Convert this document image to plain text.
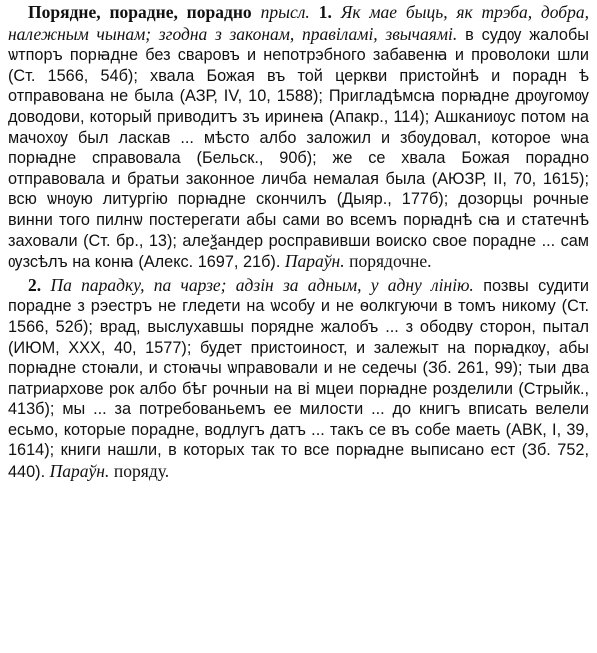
Порядне, порадне, порадно прысл. 1. Як мае быць, як трэба, добра, належным чынам; згодна з законам, правіламі, звычаямі. в судѹ жалобы ѡтпоръ порꙗдне без сваровъ и непотрэбного забавенꙗ и проволоки шли (Ст. 1566, 54б); хвала Божая въ той церкви пристойнѣ и порадн ѣ отправована не была (АЗР, IV, 10, 1588); Пригладѣмсꙗ порꙗдне дрѹгомѹ доводови, который приводитъ зъ иринеꙗ (Апакр., 114); Ашканиѹс потом на мачохѹ был ласкав ... мѣсто албо заложил и збѹдовал, которое ѡна порꙗдне справовала (Бельск., 90б); же се хвала Божая порадно отправовала и братьи законное личба немалая была (АЮЗР, II, 70, 1615); всю ѡнѹю литургію порꙗдне скончилъ (Дыяр., 177б); дозорцы рочные винни того пилнѡ постерегати абы сами во всемъ порꙗднѣ сꙗ и статечнѣ заховали (Ст. бр., 13); алеѯандер росправивши воиско свое порадне ... сам ѹзсѣлъ на конꙗ (Алекс. 1697, 21б). Параўн. порядочне.

2. Па парадку, па чарзе; адзін за адным, у адну лінію. позвы судити порадне з рэестръ не гледети на ѡсобу и не ѳолкгуючи в томъ никому (Ст. 1566, 52б); врад, выслухавшы порядне жалобъ ... з ободву сторон, пытал (ИЮМ, XXX, 40, 1577); будет пристоиност, и залежыт на порꙗдкѹ, абы порꙗдне стоꙗли, и стоꙗчы ѡправовали и не седечы (Зб. 261, 99); тыи два патриархове рок албо бѣг рочныи на ві мцеи порꙗдне розделили (Стрыйк., 413б); мы ... за потребованьемъ ее милости ... до книгъ вписать велели есьмо, которые порадне, водлугъ датъ ... такъ се въ собе маеть (АВК, I, 39, 1614); книги нашли, в которых так то все порꙗдне выписано ест (Зб. 752, 440). Параўн. поряду.
